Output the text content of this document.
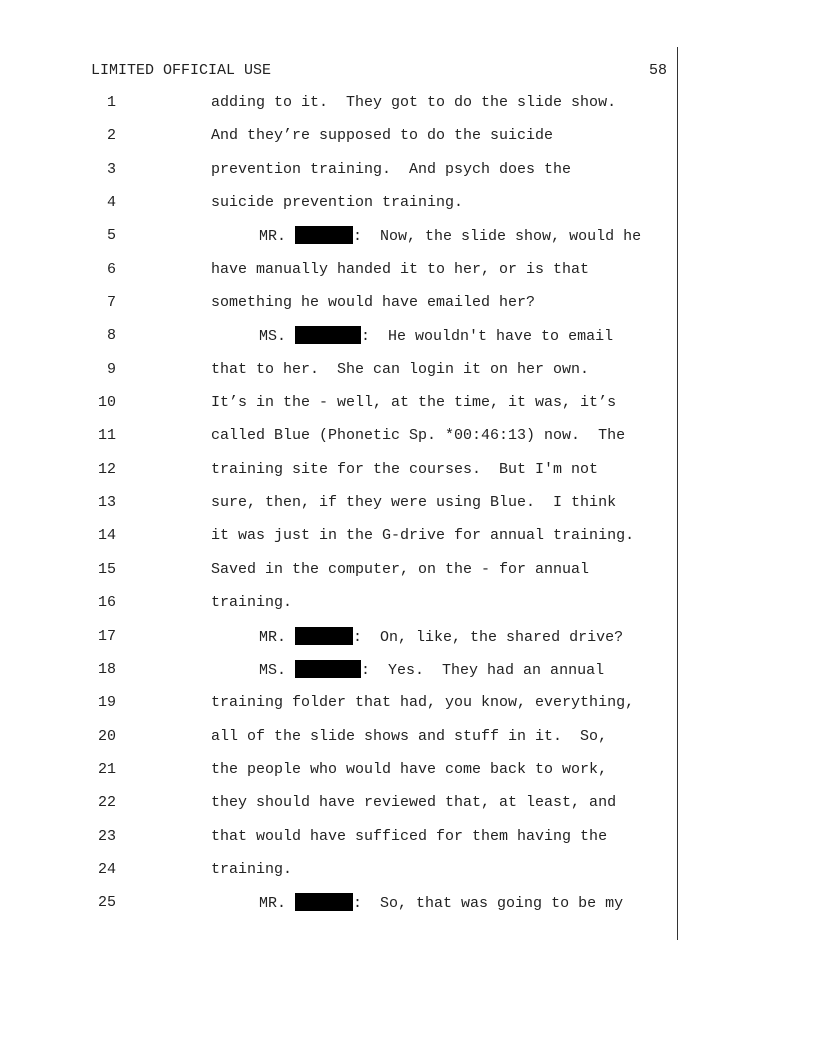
LIMITED OFFICIAL USE	58
1	adding to it.  They got to do the slide show.
2	And they’re supposed to do the suicide
3	prevention training.  And psych does the
4	suicide prevention training.
5	MR.	:  Now, the slide show, would he
6	have manually handed it to her, or is that
7	something he would have emailed her?
8	MS.	:  He wouldn't have to email
9	that to her.  She can login it on her own.
10	It’s in the - well, at the time, it was, it’s
11	called Blue (Phonetic Sp. *00:46:13) now.  The
12	training site for the courses.  But I'm not
13	sure, then, if they were using Blue.  I think
14	it was just in the G-drive for annual training.
15	Saved in the computer, on the - for annual
16	training.
17	MR.	:  On, like, the shared drive?
18	MS.	:  Yes.  They had an annual
19	training folder that had, you know, everything,
20	all of the slide shows and stuff in it.  So,
21	the people who would have come back to work,
22	they should have reviewed that, at least, and
23	that would have sufficed for them having the
24	training.
25	MR.	:  So, that was going to be my
